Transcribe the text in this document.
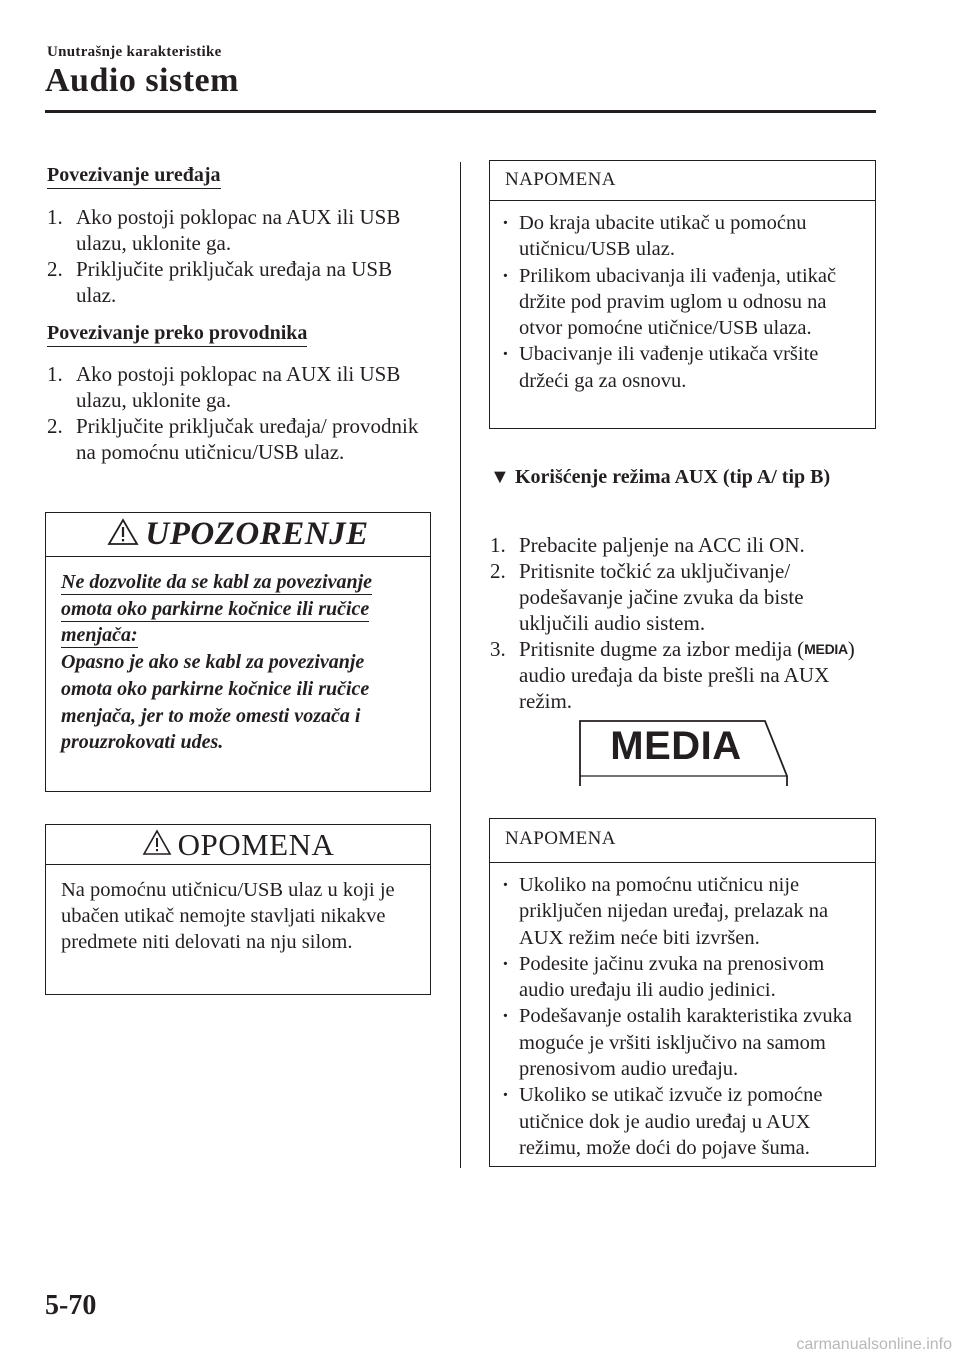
Unutrašnje karakteristike
Audio sistem
Povezivanje uređaja
1. Ako postoji poklopac na AUX ili USB ulazu, uklonite ga.
2. Priključite priključak uređaja na USB ulaz.
Povezivanje preko provodnika
1. Ako postoji poklopac na AUX ili USB ulazu, uklonite ga.
2. Priključite priključak uređaja/ provodnik na pomoćnu utičnicu/USB ulaz.
UPOZORENJE
Ne dozvolite da se kabl za povezivanje omota oko parkirne kočnice ili ručice menjača:
Opasno je ako se kabl za povezivanje omota oko parkirne kočnice ili ručice menjača, jer to može omesti vozača i prouzrokovati udes.
OPOMENA
Na pomoćnu utičnicu/USB ulaz u koji je ubačen utikač nemojte stavljati nikakve predmete niti delovati na nju silom.
NAPOMENA
· Do kraja ubacite utikač u pomoćnu utičnicu/USB ulaz.
· Prilikom ubacivanja ili vađenja, utikač držite pod pravim uglom u odnosu na otvor pomoćne utičnice/USB ulaza.
· Ubacivanje ili vađenje utikača vršite držeći ga za osnovu.
▼ Korišćenje režima AUX (tip A/ tip B)
1. Prebacite paljenje na ACC ili ON.
2. Pritisnite točkić za uključivanje/ podešavanje jačine zvuka da biste uključili audio sistem.
3. Pritisnite dugme za izbor medija (MEDIA) audio uređaja da biste prešli na AUX režim.
MEDIA
NAPOMENA
· Ukoliko na pomoćnu utičnicu nije priključen nijedan uređaj, prelazak na AUX režim neće biti izvršen.
· Podesite jačinu zvuka na prenosivom audio uređaju ili audio jedinici.
· Podešavanje ostalih karakteristika zvuka moguće je vršiti isključivo na samom prenosivom audio uređaju.
· Ukoliko se utikač izvuče iz pomoćne utičnice dok je audio uređaj u AUX režimu, može doći do pojave šuma.
5-70
carmanualsonline.info
